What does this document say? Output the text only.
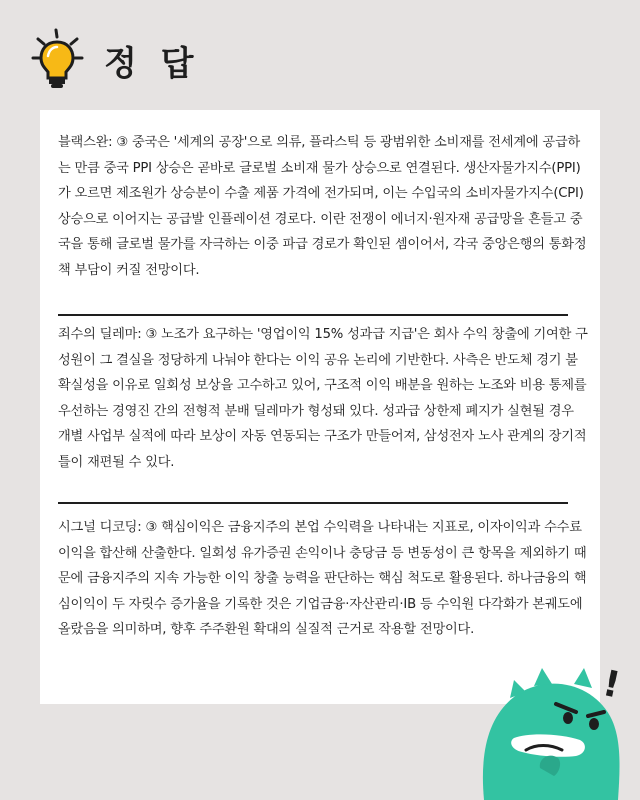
정 답
블랙스완: ③ 중국은 '세계의 공장'으로 의류, 플라스틱 등 광범위한 소비재를 전세계에 공급하는 만큼 중국 PPI 상승은 곧바로 글로벌 소비재 물가 상승으로 연결된다. 생산자물가지수(PPI)가 오르면 제조원가 상승분이 수출 제품 가격에 전가되며, 이는 수입국의 소비자물가지수(CPI) 상승으로 이어지는 공급발 인플레이션 경로다. 이란 전쟁이 에너지·원자재 공급망을 흔들고 중국을 통해 글로벌 물가를 자극하는 이중 파급 경로가 확인된 셈이어서, 각국 중앙은행의 통화정책 부담이 커질 전망이다.
죄수의 딜레마: ③ 노조가 요구하는 '영업이익 15% 성과급 지급'은 회사 수익 창출에 기여한 구성원이 그 결실을 정당하게 나눠야 한다는 이익 공유 논리에 기반한다. 사측은 반도체 경기 불확실성을 이유로 일회성 보상을 고수하고 있어, 구조적 이익 배분을 원하는 노조와 비용 통제를 우선하는 경영진 간의 전형적 분배 딜레마가 형성돼 있다. 성과급 상한제 폐지가 실현될 경우 개별 사업부 실적에 따라 보상이 자동 연동되는 구조가 만들어져, 삼성전자 노사 관계의 장기적 틀이 재편될 수 있다.
시그널 디코딩: ③ 핵심이익은 금융지주의 본업 수익력을 나타내는 지표로, 이자이익과 수수료 이익을 합산해 산출한다. 일회성 유가증권 손익이나 충당금 등 변동성이 큰 항목을 제외하기 때문에 금융지주의 지속 가능한 이익 창출 능력을 판단하는 핵심 척도로 활용된다. 하나금융의 핵심이익이 두 자릿수 증가율을 기록한 것은 기업금융·자산관리·IB 등 수익원 다각화가 본궤도에 올랐음을 의미하며, 향후 주주환원 확대의 실질적 근거로 작용할 전망이다.
!
